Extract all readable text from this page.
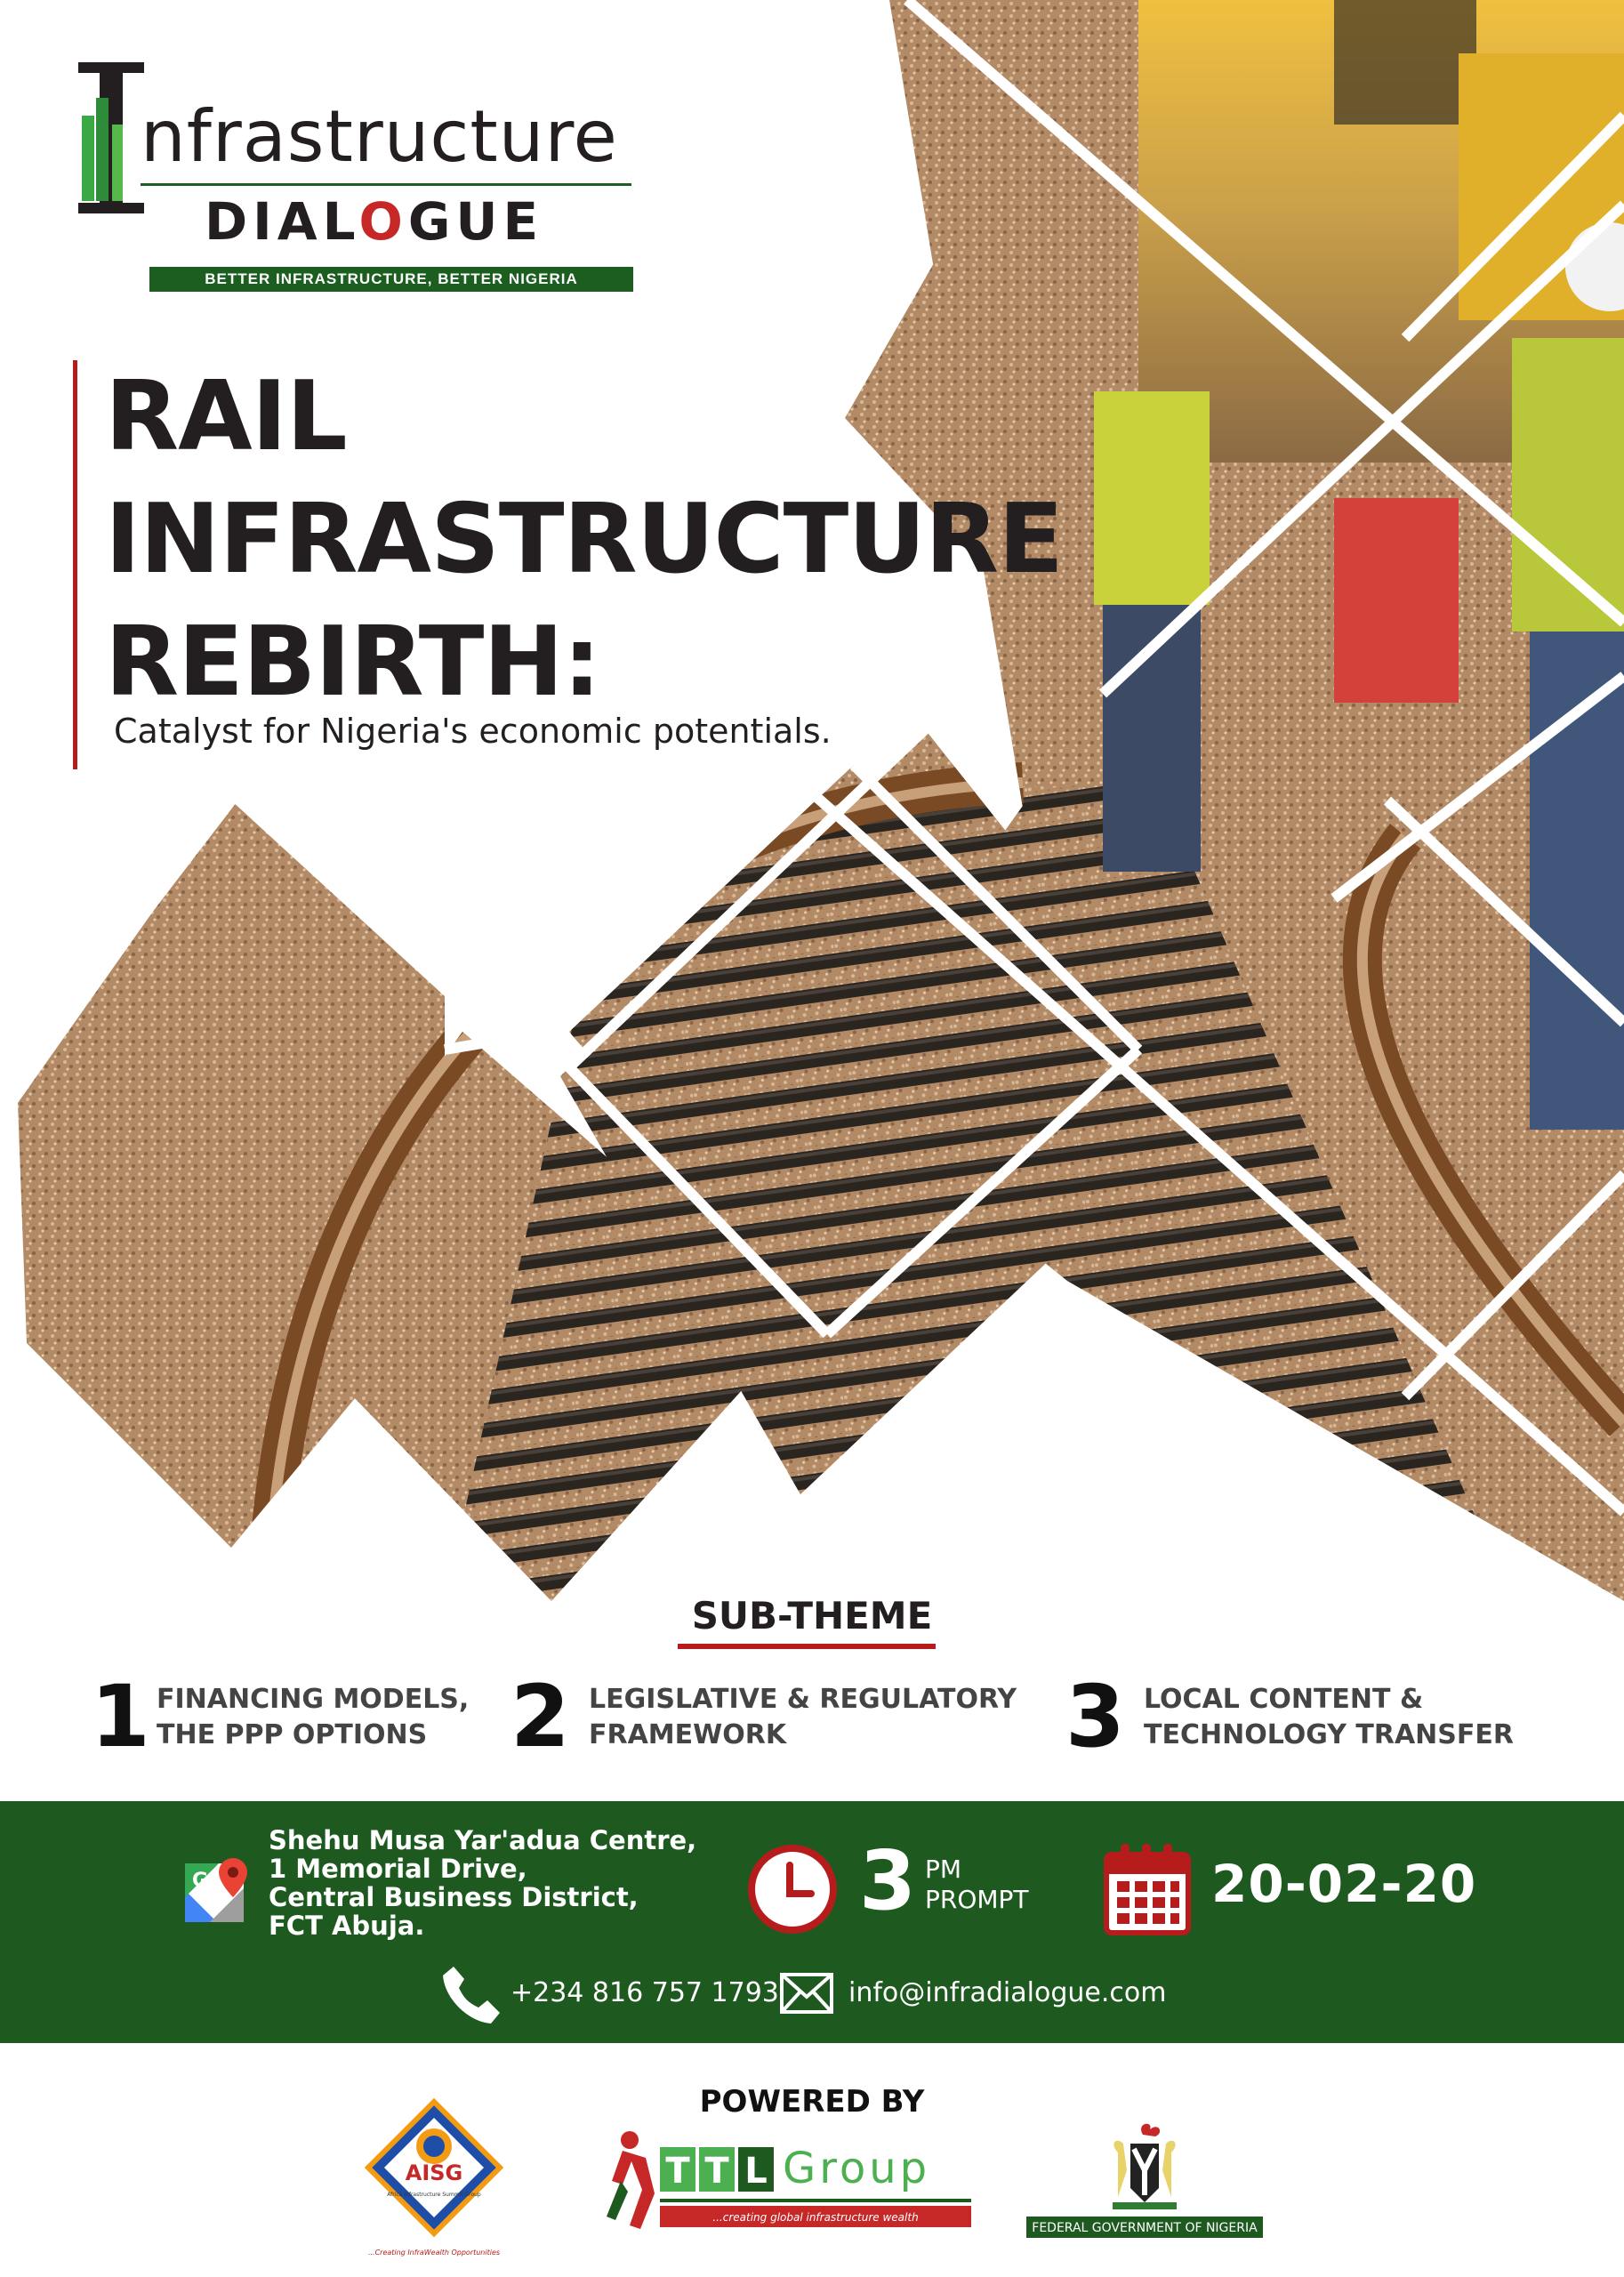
nfrastructure
DIALOGUE
BETTER INFRASTRUCTURE, BETTER NIGERIA
RAIL
INFRASTRUCTURE
REBIRTH:
Catalyst for Nigeria's economic potentials.
SUB-THEME
1 FINANCING MODELS,
THE PPP OPTIONS 2 LEGISLATIVE & REGULATORY
FRAMEWORK	3 LOCAL CONTENT &
TECHNOLOGY TRANSFER
G
Shehu Musa Yar'adua Centre,
1 Memorial Drive,
Central Business District,
FCT Abuja.	3 PM
PROMPT	20-02-20
+234 816 757 1793	info@infradialogue.com
POWERED BY
AISG
Africa Infrastructure Summit Group
...Creating InfraWealth Opportunities
T T L Group
...creating global infrastructure wealth
FEDERAL GOVERNMENT OF NIGERIA
